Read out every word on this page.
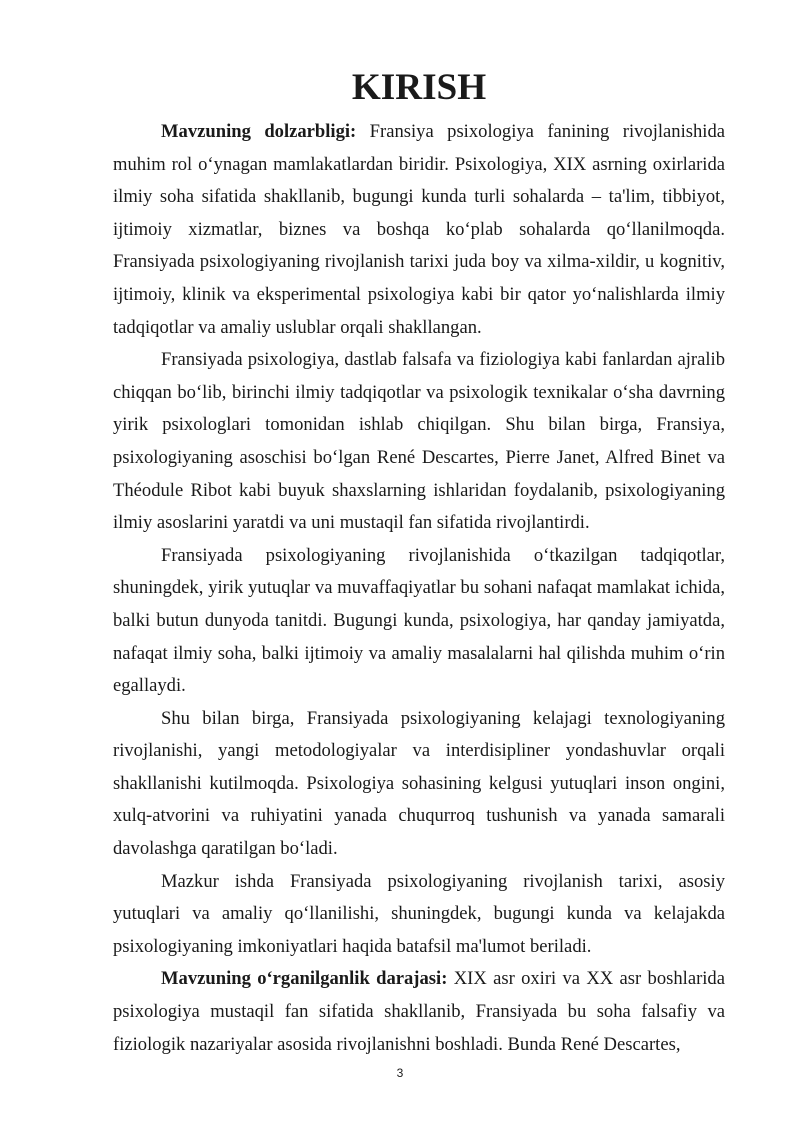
KIRISH

Mavzuning dolzarbligi: Fransiya psixologiya fanining rivojlanishida muhim rol o‘ynagan mamlakatlardan biridir. Psixologiya, XIX asrning oxirlarida ilmiy soha sifatida shakllanib, bugungi kunda turli sohalarda – ta'lim, tibbiyot, ijtimoiy xizmatlar, biznes va boshqa ko‘plab sohalarda qo‘llanilmoqda. Fransiyada psixologiyaning rivojlanish tarixi juda boy va xilma-xildir, u kognitiv, ijtimoiy, klinik va eksperimental psixologiya kabi bir qator yo‘nalishlarda ilmiy tadqiqotlar va amaliy uslublar orqali shakllangan.

Fransiyada psixologiya, dastlab falsafa va fiziologiya kabi fanlardan ajralib chiqqan bo‘lib, birinchi ilmiy tadqiqotlar va psixologik texnikalar o‘sha davrning yirik psixologlari tomonidan ishlab chiqilgan. Shu bilan birga, Fransiya, psixologiyaning asoschisi bo‘lgan René Descartes, Pierre Janet, Alfred Binet va Théodule Ribot kabi buyuk shaxslarning ishlaridan foydalanib, psixologiyaning ilmiy asoslarini yaratdi va uni mustaqil fan sifatida rivojlantirdi.

Fransiyada psixologiyaning rivojlanishida o‘tkazilgan tadqiqotlar, shuningdek, yirik yutuqlar va muvaffaqiyatlar bu sohani nafaqat mamlakat ichida, balki butun dunyoda tanitdi. Bugungi kunda, psixologiya, har qanday jamiyatda, nafaqat ilmiy soha, balki ijtimoiy va amaliy masalalarni hal qilishda muhim o‘rin egallaydi.

Shu bilan birga, Fransiyada psixologiyaning kelajagi texnologiyaning rivojlanishi, yangi metodologiyalar va interdisipliner yondashuvlar orqali shakllanishi kutilmoqda. Psixologiya sohasining kelgusi yutuqlari inson ongini, xulq-atvorini va ruhiyatini yanada chuqurroq tushunish va yanada samarali davolashga qaratilgan bo‘ladi.

Mazkur ishda Fransiyada psixologiyaning rivojlanish tarixi, asosiy yutuqlari va amaliy qo‘llanilishi, shuningdek, bugungi kunda va kelajakda psixologiyaning imkoniyatlari haqida batafsil ma'lumot beriladi.

Mavzuning o‘rganilganlik darajasi: XIX asr oxiri va XX asr boshlarida psixologiya mustaqil fan sifatida shakllanib, Fransiyada bu soha falsafiy va fiziologik nazariyalar asosida rivojlanishni boshladi. Bunda René Descartes,

3
